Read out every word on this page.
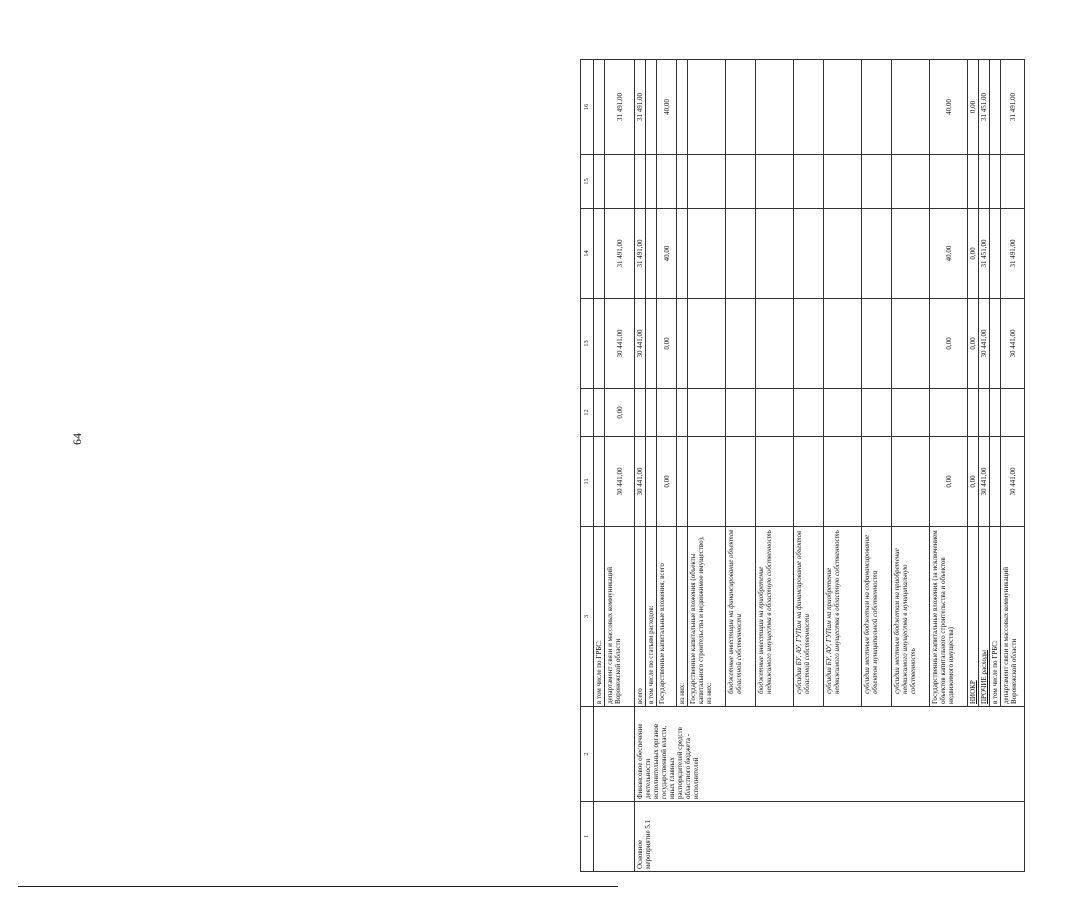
64
1	2	3	11	12	13	14	15	16
		в том числе по ГРБС:						
		департамент связи и массовых коммуникаций Воронежской области	30 441,00	0,00	30 441,00	31 491,00		31 491,00
Основное мероприятие 5.1	Финансовое обеспечение деятельности исполнительных органов государственной власти, иных главных распорядителей средств областного бюджета - исполнителей	всего	30 441,00		30 441,00	31 491,00		31 491,00
		в том числе по статьям расходов:						
		Государственные капитальные вложения, всего	0,00		0,00	40,00		40,00
		из них:						
		Государственные капитальные вложения (объекты капитального строительства и недвижимое имущество), из них:						
		бюджетные инвестиции на финансирование объектов областной собственности						
		бюджетные инвестиции на приобретение недвижимого имущества в областную собственность						
		субсидии БУ, АУ, ГУПам на финансирование объектов областной собственности						
		субсидии БУ, АУ, ГУПам на приобретение недвижимого имущества в областную собственность						
		субсидии местным бюджетам на софинансирование объектов муниципальной собственности						
		субсидии местным бюджетам на приобретение недвижимого имущества в муниципальную собственность						
		Государственные капитальные вложения (за исключением объектов капитального строительства и объектов недвижимого имущества)	0,00		0,00	40,00		40,00
		НИОКР	0,00		0,00	0,00		0,00
		ПРОЧИЕ расходы	30 441,00		30 441,00	31 451,00		31 451,00
		в том числе по ГРБС:						
		департамент связи и массовых коммуникаций Воронежской области	30 441,00		30 441,00	31 491,00		31 491,00
